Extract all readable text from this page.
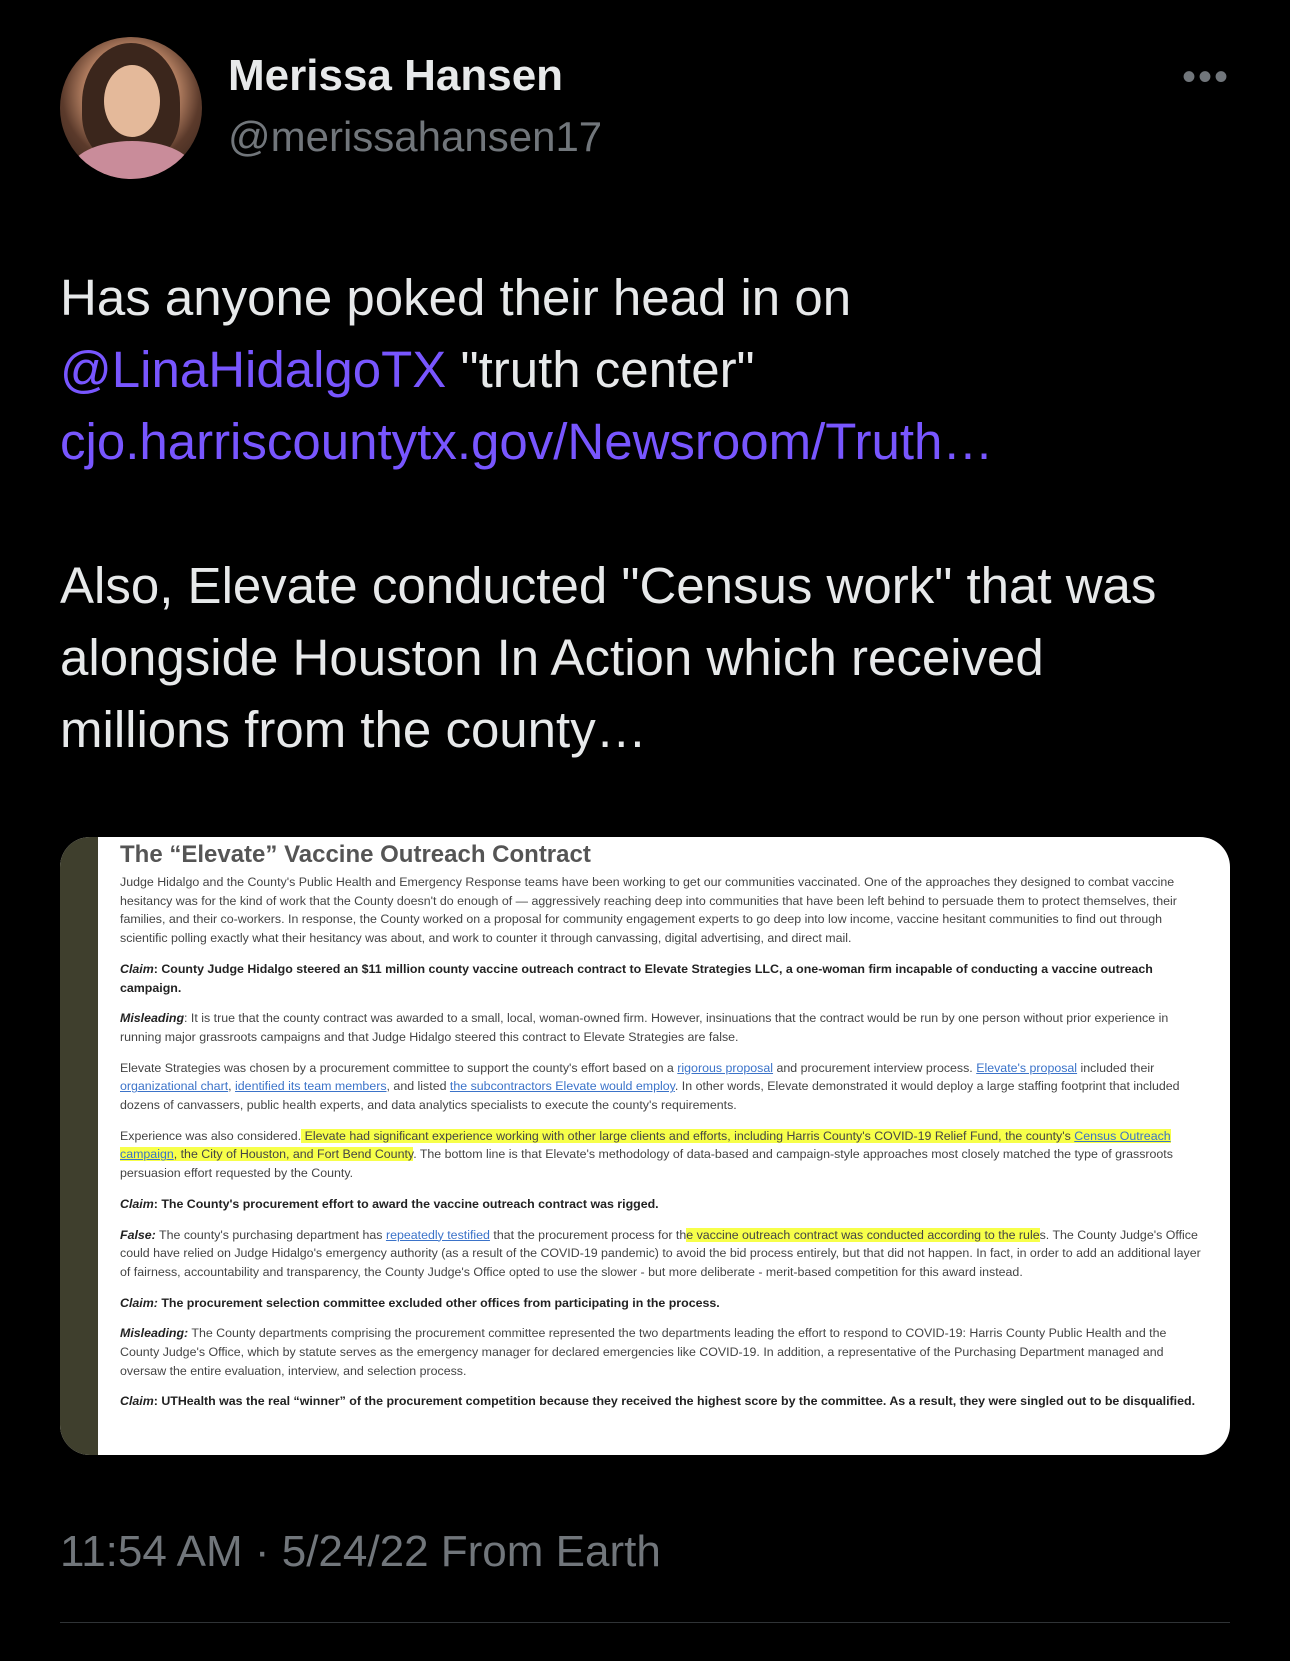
Merissa Hansen
@merissahansen17
•••
Has anyone poked their head in on
@LinaHidalgoTX "truth center"
cjo.harriscountytx.gov/Newsroom/Truth…
Also, Elevate conducted "Census work" that was
alongside Houston In Action which received
millions from the county…
The “Elevate” Vaccine Outreach Contract

Judge Hidalgo and the County's Public Health and Emergency Response teams have been working to get our communities vaccinated. One of the approaches they designed to combat vaccine hesitancy was for the kind of work that the County doesn't do enough of — aggressively reaching deep into communities that have been left behind to persuade them to protect themselves, their families, and their co-workers. In response, the County worked on a proposal for community engagement experts to go deep into low income, vaccine hesitant communities to find out through scientific polling exactly what their hesitancy was about, and work to counter it through canvassing, digital advertising, and direct mail.

Claim: County Judge Hidalgo steered an $11 million county vaccine outreach contract to Elevate Strategies LLC, a one-woman firm incapable of conducting a vaccine outreach campaign.

Misleading: It is true that the county contract was awarded to a small, local, woman-owned firm. However, insinuations that the contract would be run by one person without prior experience in running major grassroots campaigns and that Judge Hidalgo steered this contract to Elevate Strategies are false.

Elevate Strategies was chosen by a procurement committee to support the county's effort based on a rigorous proposal and procurement interview process. Elevate's proposal included their organizational chart, identified its team members, and listed the subcontractors Elevate would employ. In other words, Elevate demonstrated it would deploy a large staffing footprint that included dozens of canvassers, public health experts, and data analytics specialists to execute the county's requirements.

Experience was also considered. Elevate had significant experience working with other large clients and efforts, including Harris County's COVID-19 Relief Fund, the county's Census Outreach campaign, the City of Houston, and Fort Bend County. The bottom line is that Elevate's methodology of data-based and campaign-style approaches most closely matched the type of grassroots persuasion effort requested by the County.

Claim: The County's procurement effort to award the vaccine outreach contract was rigged.

False: The county's purchasing department has repeatedly testified that the procurement process for the vaccine outreach contract was conducted according to the rules. The County Judge's Office could have relied on Judge Hidalgo's emergency authority (as a result of the COVID-19 pandemic) to avoid the bid process entirely, but that did not happen. In fact, in order to add an additional layer of fairness, accountability and transparency, the County Judge's Office opted to use the slower - but more deliberate - merit-based competition for this award instead.

Claim: The procurement selection committee excluded other offices from participating in the process.

Misleading: The County departments comprising the procurement committee represented the two departments leading the effort to respond to COVID-19: Harris County Public Health and the County Judge's Office, which by statute serves as the emergency manager for declared emergencies like COVID-19. In addition, a representative of the Purchasing Department managed and oversaw the entire evaluation, interview, and selection process.

Claim: UTHealth was the real “winner” of the procurement competition because they received the highest score by the committee. As a result, they were singled out to be disqualified.

11:54 AM · 5/24/22 From Earth
